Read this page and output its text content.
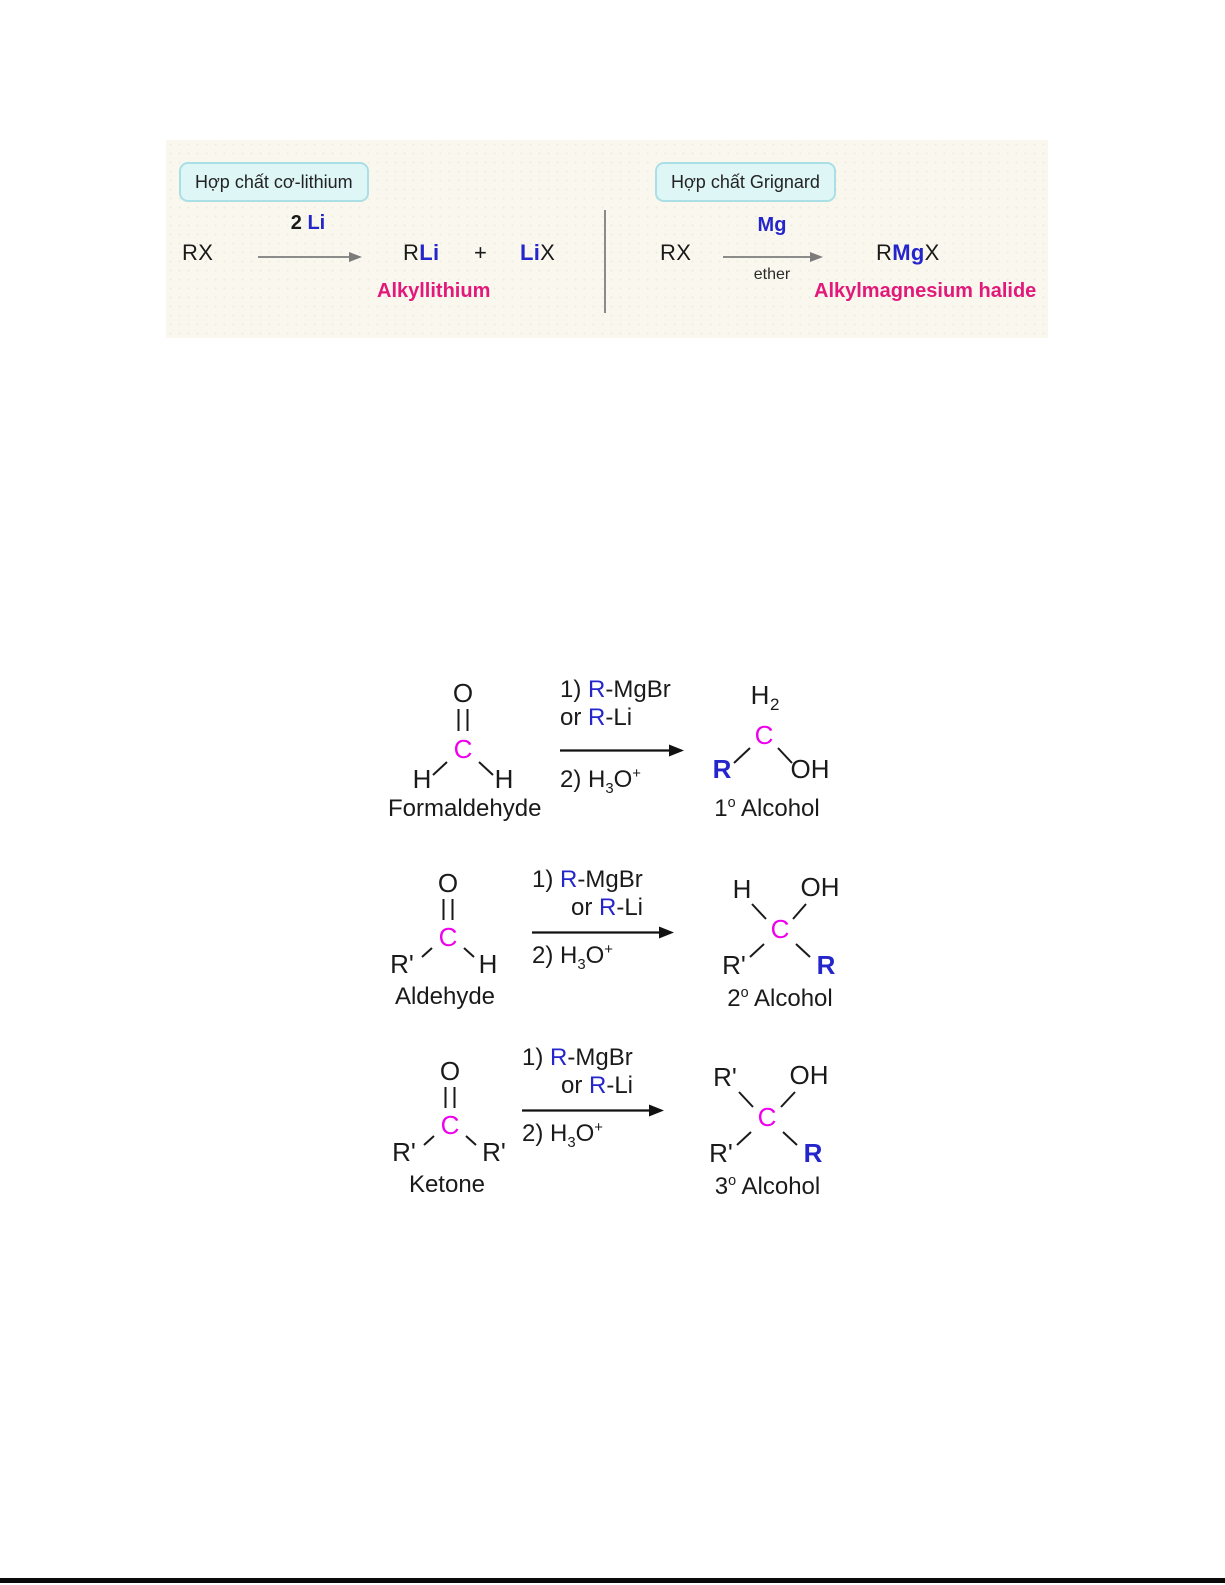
Hợp chất cơ-lithium	Hợp chất Grignard
RX
2 Li
RLi + LiX
Alkyllithium
RX
Mg
ether
RMgX
Alkylmagnesium halide
O
C
H H
Formaldehyde
1) R-MgBr
or R-Li
2) $H_3O^+$
H 2
C
R OH
1$^o$ Alcohol
O
C
R' H
Aldehyde
1) R-MgBr
or R-Li
2) $H_3O^+$
H OH
C
R'	R
2$^o$ Alcohol
O
C
R'	R'
Ketone
1) R-MgBr
or R-Li
2) $H_3O^+$
R' OH
C
R'	R
3$^o$ Alcohol
